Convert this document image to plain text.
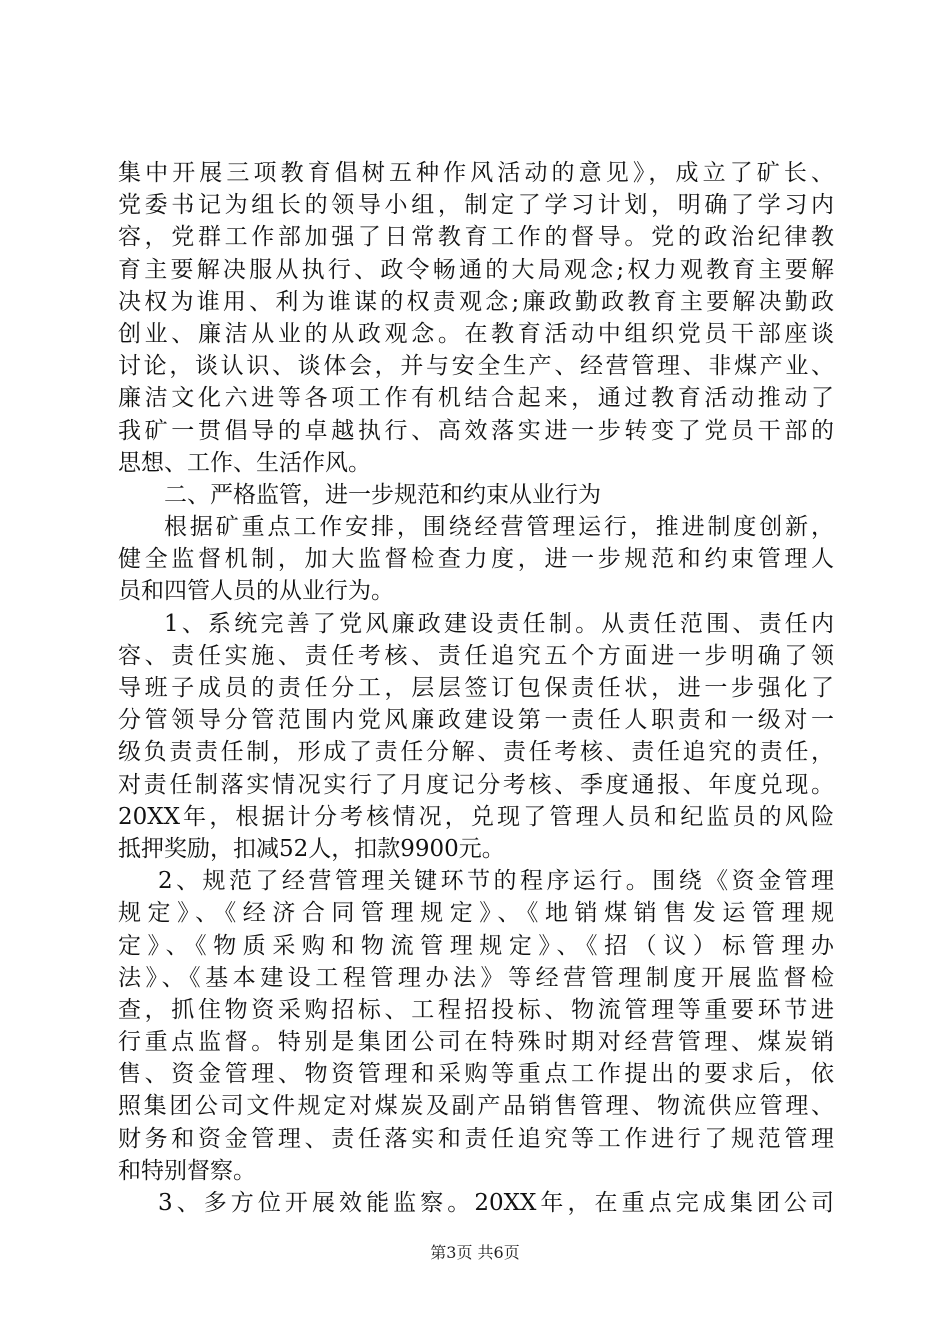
集中开展三项教育倡树五种作风活动的意见》，成立了矿长、
党委书记为组长的领导小组，制定了学习计划，明确了学习内
容，党群工作部加强了日常教育工作的督导。党的政治纪律教
育主要解决服从执行、政令畅通的大局观念;权力观教育主要解
决权为谁用、利为谁谋的权责观念;廉政勤政教育主要解决勤政
创业、廉洁从业的从政观念。在教育活动中组织党员干部座谈
讨论，谈认识、谈体会，并与安全生产、经营管理、非煤产业、
廉洁文化六进等各项工作有机结合起来，通过教育活动推动了
我矿一贯倡导的卓越执行、高效落实进一步转变了党员干部的
思想、工作、生活作风。
二、严格监管，进一步规范和约束从业行为
根据矿重点工作安排，围绕经营管理运行，推进制度创新，
健全监督机制，加大监督检查力度，进一步规范和约束管理人
员和四管人员的从业行为。
1、系统完善了党风廉政建设责任制。从责任范围、责任内
容、责任实施、责任考核、责任追究五个方面进一步明确了领
导班子成员的责任分工，层层签订包保责任状，进一步强化了
分管领导分管范围内党风廉政建设第一责任人职责和一级对一
级负责责任制，形成了责任分解、责任考核、责任追究的责任，
对责任制落实情况实行了月度记分考核、季度通报、年度兑现。
20XX年，根据计分考核情况，兑现了管理人员和纪监员的风险
抵押奖励，扣减52人，扣款9900元。
2、规范了经营管理关键环节的程序运行。围绕《资金管理
规定》、《经济合同管理规定》、《地销煤销售发运管理规
定》、《物质采购和物流管理规定》、《招（议）标管理办
法》、《基本建设工程管理办法》等经营管理制度开展监督检
查，抓住物资采购招标、工程招投标、物流管理等重要环节进
行重点监督。特别是集团公司在特殊时期对经营管理、煤炭销
售、资金管理、物资管理和采购等重点工作提出的要求后，依
照集团公司文件规定对煤炭及副产品销售管理、物流供应管理、
财务和资金管理、责任落实和责任追究等工作进行了规范管理
和特别督察。
3、多方位开展效能监察。20XX年，在重点完成集团公司
第3页 共6页
